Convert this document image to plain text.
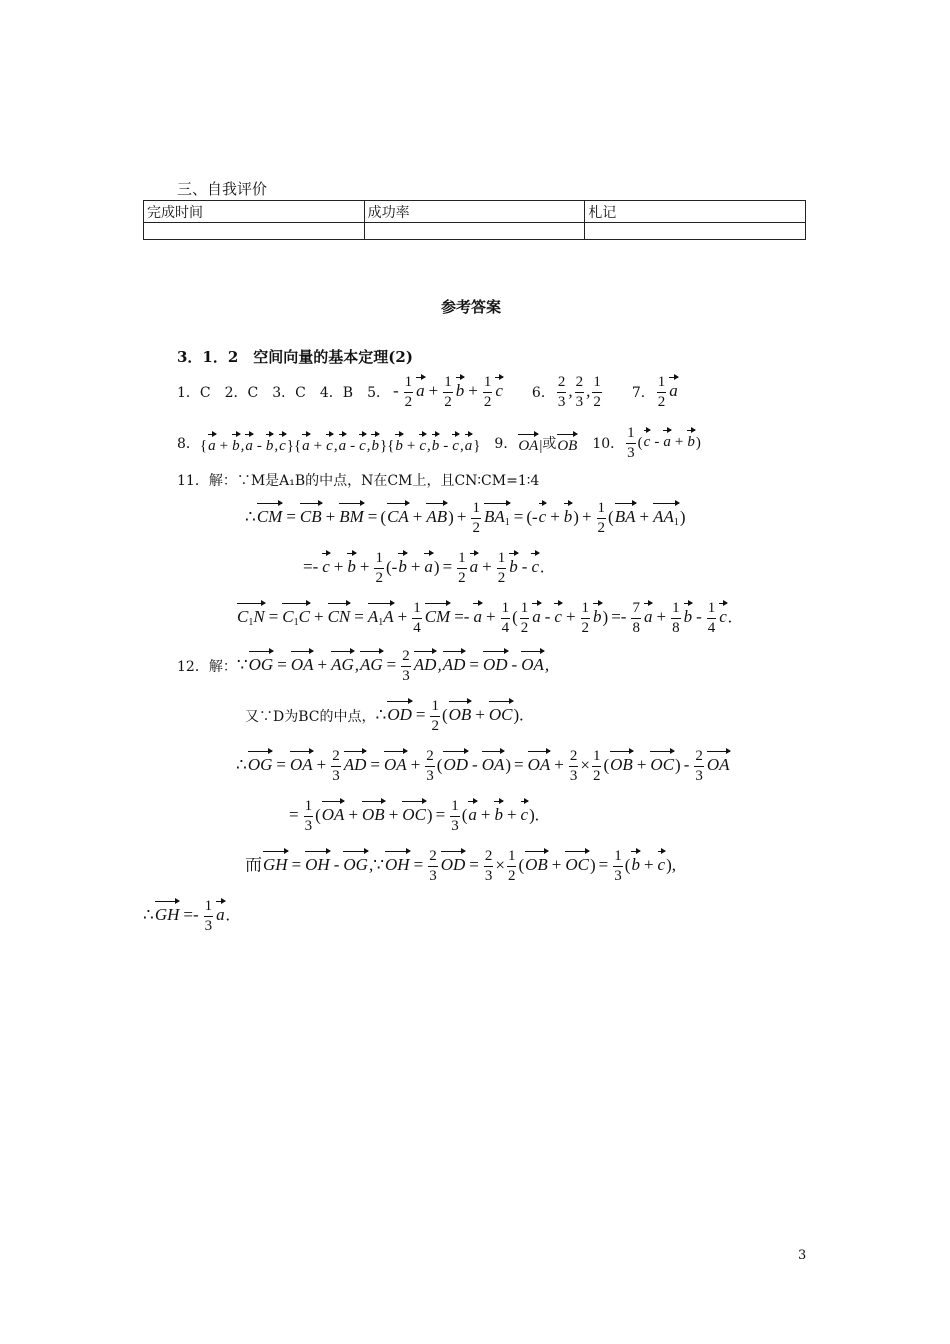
三、自我评价
完成时间	成功率	札记

参考答案
3．1．2　空间向量的基本定理(2)
1．C 2．C 3．C 4．B 5． - $\frac{1}{2}$ $a + \frac{1}{2}$ $b + \frac{1}{2}$ c 6． $\frac{2}{3}$ , $\frac{2}{3}$ , $\frac{1}{2} 7$． $\frac{1}{2}$ a
8． {a + b,a - b,c}{a + c,a - c,b}{b + c,b - c,a} 9． OA| 或 OB 10． $\frac{1}{3} (c - a + b)$
11．解：∵M是A₁B的中点，N在CM上，且CN∶CM=1∶4
∴CM = CB + BM = $(CA + AB) + \frac{1}{2} BA_1 = (-c + b) + \frac{1}{2} (BA + AA_1)$
=- $c + b + \frac{1}{2} (-b + a) = \frac{1}{2}$ $a + \frac{1}{2}$ b - c.
$C_1N = C_1C$ + CN = $A_1A + \frac{1}{4}$ CM =- $a + \frac{1}{4}$ ( $\frac{1}{2}$ $a - c + \frac{1}{2} b) =- \frac{7}{8}$ $a + \frac{1}{8}$ b - $\frac{1}{4} c$.
12．解： ∵OG = OA + $AG,AG = \frac{2}{3} AD,AD$ = OD - OA,
又∵D为BC的中点， ∴OD = $\frac{1}{2} (OB + OC)$.
∴OG = OA + $\frac{2}{3}$ AD = OA + $\frac{2}{3} (OD - OA)$ = OA + $\frac{2}{3} \times \frac{1}{2} (OB + OC) - \frac{2}{3}$ OA
= $\frac{1}{3} (OA$ + OB + $OC) = \frac{1}{3} (a + b + c)$.
而GH = OH - OG,∵OH = $\frac{2}{3}$ OD = $\frac{2}{3} \times \frac{1}{2} (OB + OC) = \frac{1}{3} (b + c)$,
∴GH =- $\frac{1}{3} a$.
3
